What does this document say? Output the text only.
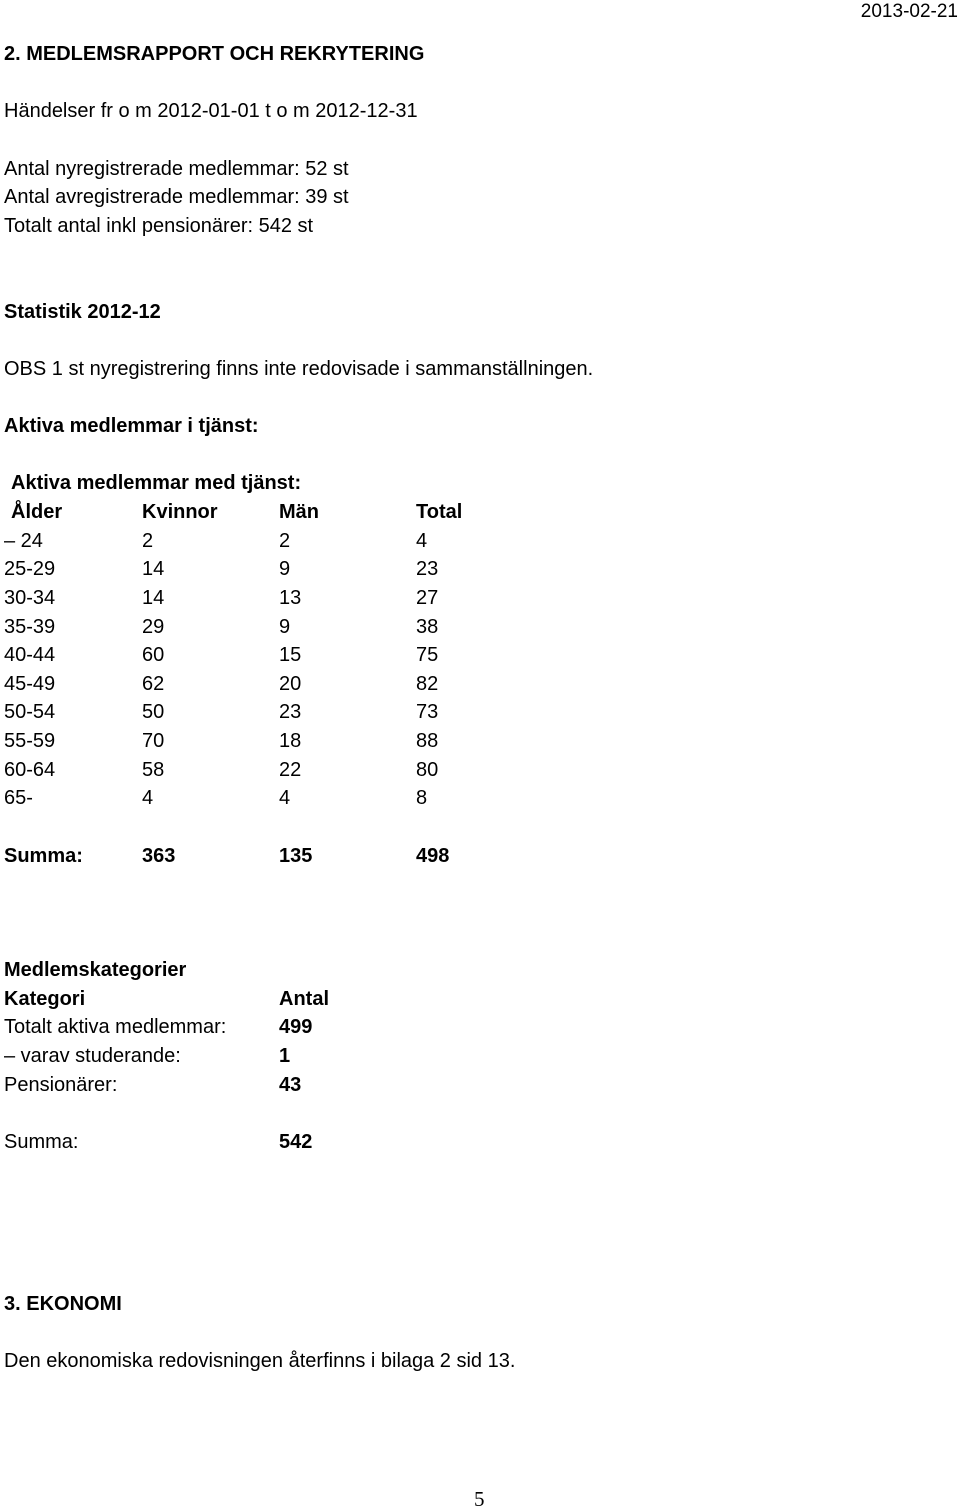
2013-02-21
2. MEDLEMSRAPPORT OCH REKRYTERING
Händelser fr o m 2012-01-01 t o m 2012-12-31
Antal nyregistrerade medlemmar: 52 st
Antal avregistrerade medlemmar: 39 st
Totalt antal inkl pensionärer: 542 st
Statistik 2012-12
OBS 1 st nyregistrering finns inte redovisade i sammanställningen.
Aktiva medlemmar i tjänst:
Aktiva medlemmar med tjänst:
Ålder	Kvinnor	Män	Total
– 24	2	2	4
25-29	14	9	23
30-34	14	13	27
35-39	29	9	38
40-44	60	15	75
45-49	62	20	82
50-54	50	23	73
55-59	70	18	88
60-64	58	22	80
65-	4	4	8
Summa:	363	135	498
Medlemskategorier
Kategori	Antal
Totalt aktiva medlemmar:	499
– varav studerande:	1
Pensionärer:	43
Summa:	542
3. EKONOMI
Den ekonomiska redovisningen återfinns i bilaga 2 sid 13.
5
